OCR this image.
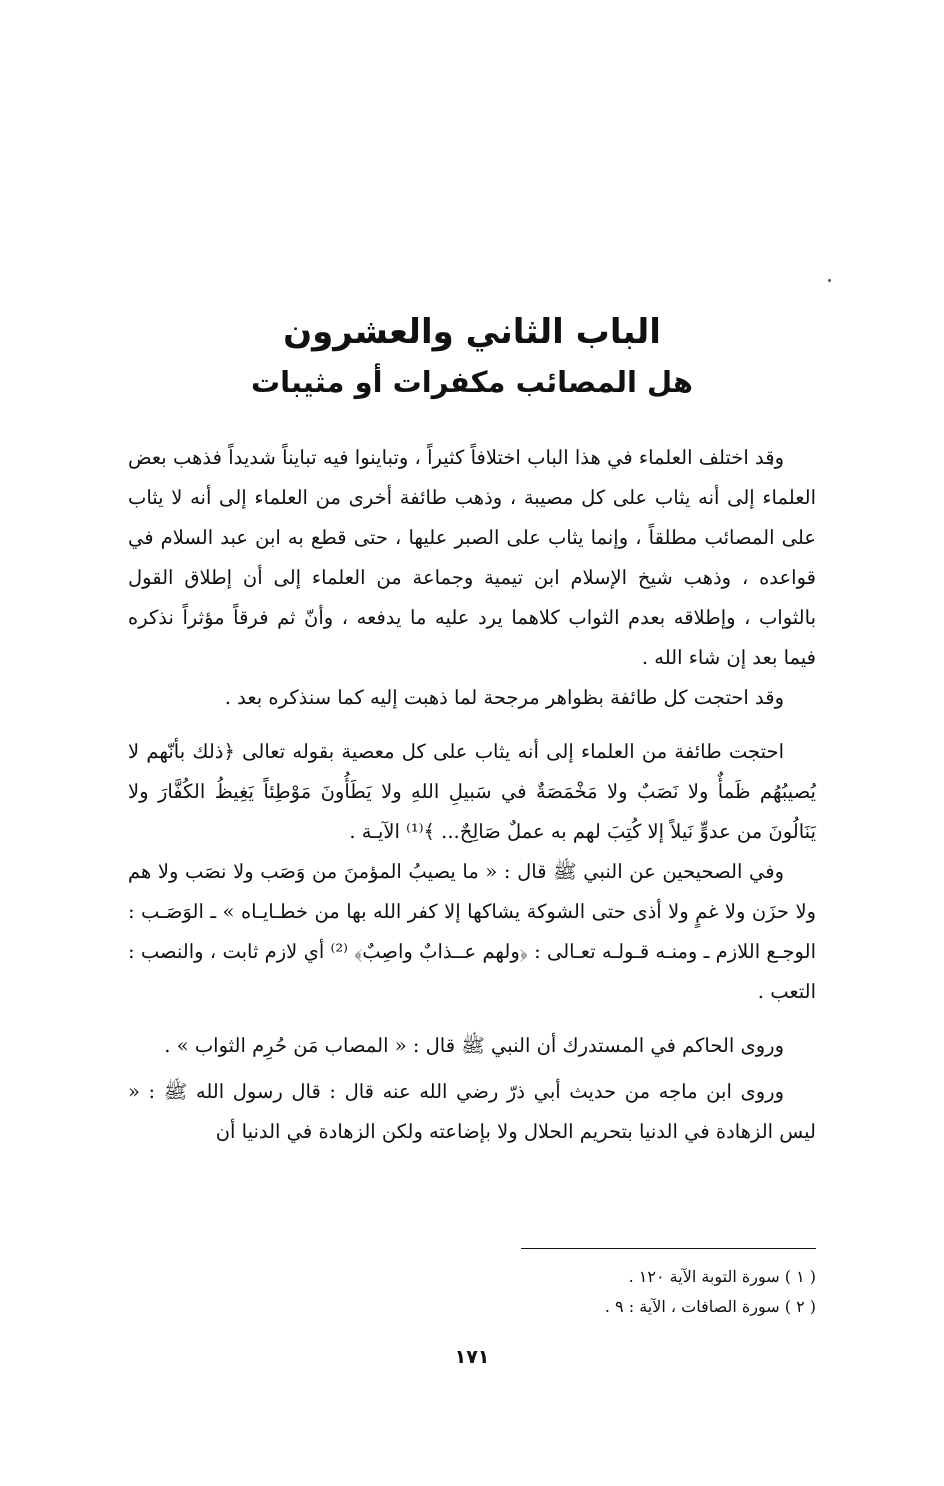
الباب الثاني والعشرون
هل المصائب مكفرات أو مثيبات

وقد اختلف العلماء في هذا الباب اختلافاً كثيراً ، وتباينوا فيه تبايناً شديداً فذهب بعض العلماء إلى أنه يثاب على كل مصيبة ، وذهب طائفة أخرى من العلماء إلى أنه لا يثاب على المصائب مطلقاً ، وإنما يثاب على الصبر عليها ، حتى قطع به ابن عبد السلام في قواعده ، وذهب شيخ الإسلام ابن تيمية وجماعة من العلماء إلى أن إطلاق القول بالثواب ، وإطلاقه بعدم الثواب كلاهما يرد عليه ما يدفعه ، وأنّ ثم فرقاً مؤثراً نذكره فيما بعد إن شاء الله .

وقد احتجت كل طائفة بظواهر مرجحة لما ذهبت إليه كما سنذكره بعد .

احتجت طائفة من العلماء إلى أنه يثاب على كل معصية بقوله تعالى ﴿ذلك بأنّهم لا يُصيبُهُم ظَمأٌ ولا نَصَبٌ ولا مَخْمَصَةٌ في سَبيلِ اللهِ ولا يَطَأُونَ مَوْطِئاً يَغِيظُ الكُفَّارَ ولا يَنَالُونَ من عدوٍّ نَيلاً إلا كُتِبَ لهم به عملٌ صَالِحٌ... ﴾⁽¹⁾ الآيـة .

وفي الصحيحين عن النبي ﷺ قال : « ما يصيبُ المؤمنَ من وَصَب ولا نصَب ولا هم ولا حزَن ولا غمٍ ولا أذى حتى الشوكة يشاكها إلا كفر الله بها من خطـايـاه » ـ الوَصَـب : الوجـع اللازم ـ ومنـه قـولـه تعـالى : ﴿ولهم عــذابٌ واصِبٌ﴾ ⁽²⁾ أي لازم ثابت ، والنصب : التعب .

وروى الحاكم في المستدرك أن النبي ﷺ قال : « المصاب مَن حُرِم الثواب » .

وروى ابن ماجه من حديث أبي ذرّ رضي الله عنه قال : قال رسول الله ﷺ : « ليس الزهادة في الدنيا بتحريم الحلال ولا بإضاعته ولكن الزهادة في الدنيا أن

( ١ ) سورة التوبة الآية ١٢٠ .

( ٢ ) سورة الصافات ، الآية : ٩ .

١٧١
